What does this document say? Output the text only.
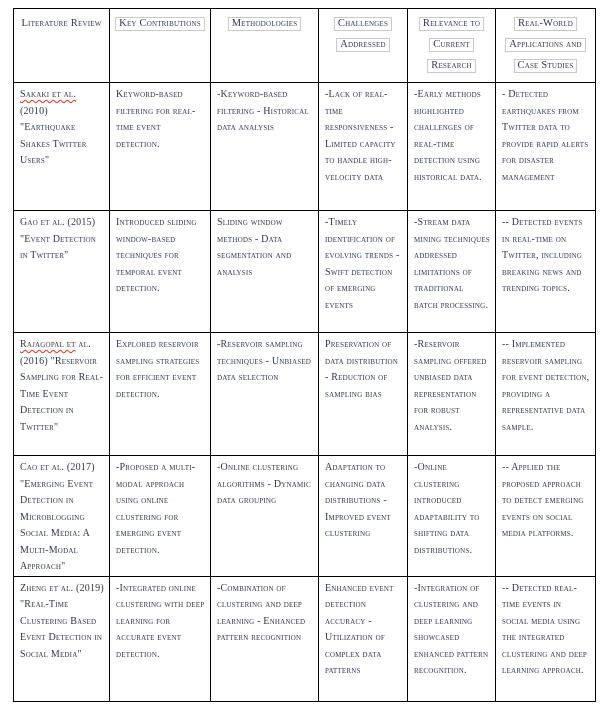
Literature Review	Key Contributions	Methodologies	Challenges Addressed	Relevance to Current Research	Real-World Applications and Case Studies
Sakaki et al. (2010) "Earthquake Shakes Twitter Users"	Keyword-based filtering for real-time event detection.	-Keyword-based filtering - Historical data analysis	-Lack of real-time responsiveness - Limited capacity to handle high-velocity data	-Early methods highlighted challenges of real-time detection using historical data.	- Detected earthquakes from Twitter data to provide rapid alerts for disaster management
Gao et al. (2015) "Event Detection in Twitter"	Introduced sliding window-based techniques for temporal event detection.	Sliding window methods - Data segmentation and analysis	-Timely identification of evolving trends - Swift detection of emerging events	-Stream data mining techniques addressed limitations of traditional batch processing.	-- Detected events in real-time on Twitter, including breaking news and trending topics.
Rajagopal et al. (2016) "Reservoir Sampling for Real-Time Event Detection in Twitter"	Explored reservoir sampling strategies for efficient event detection.	-Reservoir sampling techniques - Unbiased data selection	Preservation of data distribution - Reduction of sampling bias	-Reservoir sampling offered unbiased data representation for robust analysis.	-- Implemented reservoir sampling for event detection, providing a representative data sample.
Cao et al. (2017) "Emerging Event Detection in Microblogging Social Media: A Multi-Modal Approach"	-Proposed a multi-modal approach using online clustering for emerging event detection.	-Online clustering algorithms - Dynamic data grouping	Adaptation to changing data distributions - Improved event clustering	-Online clustering introduced adaptability to shifting data distributions.	-- Applied the proposed approach to detect emerging events on social media platforms.
Zheng et al. (2019) "Real-Time Clustering Based Event Detection in Social Media"	-Integrated online clustering with deep learning for accurate event detection.	-Combination of clustering and deep learning - Enhanced pattern recognition	Enhanced event detection accuracy - Utilization of complex data patterns	-Integration of clustering and deep learning showcased enhanced pattern recognition.	-- Detected real-time events in social media using the integrated clustering and deep learning approach.
